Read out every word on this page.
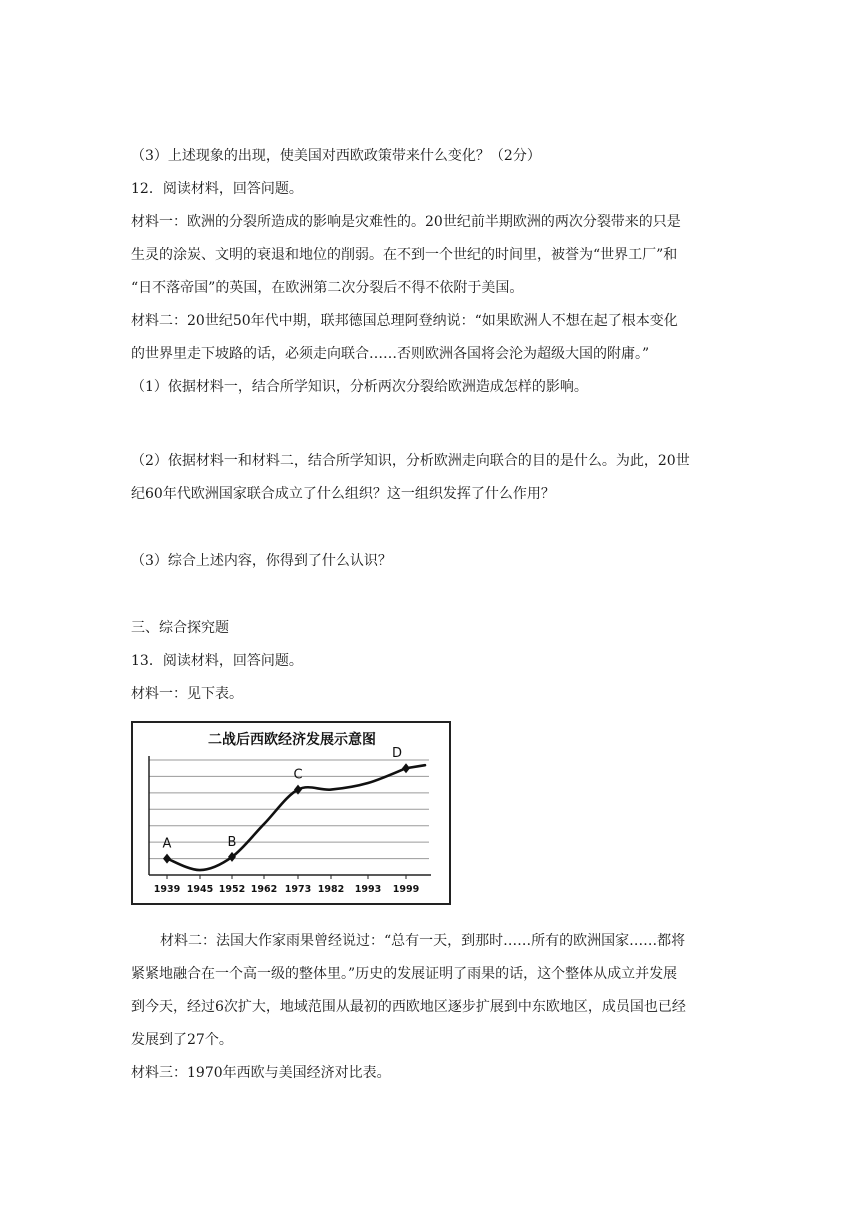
（3）上述现象的出现，使美国对西欧政策带来什么变化？（2分）

12．阅读材料，回答问题。

材料一：欧洲的分裂所造成的影响是灾难性的。20世纪前半期欧洲的两次分裂带来的只是

生灵的涂炭、文明的衰退和地位的削弱。在不到一个世纪的时间里，被誉为“世界工厂”和

“日不落帝国”的英国，在欧洲第二次分裂后不得不依附于美国。

材料二：20世纪50年代中期，联邦德国总理阿登纳说：“如果欧洲人不想在起了根本变化

的世界里走下坡路的话，必须走向联合……否则欧洲各国将会沦为超级大国的附庸。”

（1）依据材料一，结合所学知识，分析两次分裂给欧洲造成怎样的影响。

（2）依据材料一和材料二，结合所学知识，分析欧洲走向联合的目的是什么。为此，20世

纪60年代欧洲国家联合成立了什么组织？这一组织发挥了什么作用？

（3）综合上述内容，你得到了什么认识？

三、综合探究题

13．阅读材料，回答问题。

材料一：见下表。

二战后西欧经济发展示意图
1939 1945 1952 1962 1973 1982 1993 1999
A	B
C
D

材料二：法国大作家雨果曾经说过：“总有一天，到那时……所有的欧洲国家……都将

紧紧地融合在一个高一级的整体里。”历史的发展证明了雨果的话，这个整体从成立并发展

到今天，经过6次扩大，地域范围从最初的西欧地区逐步扩展到中东欧地区，成员国也已经

发展到了27个。

材料三：1970年西欧与美国经济对比表。
